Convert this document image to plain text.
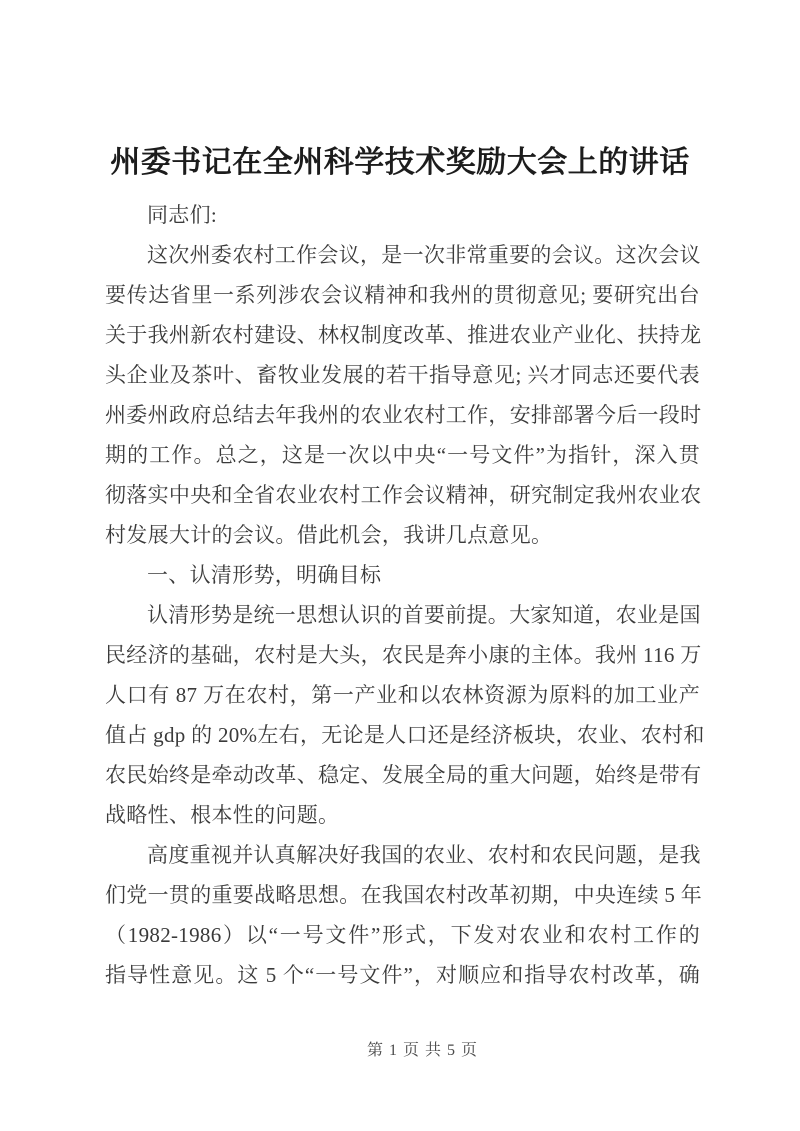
州委书记在全州科学技术奖励大会上的讲话
同志们:
这次州委农村工作会议，是一次非常重要的会议。这次会议
要传达省里一系列涉农会议精神和我州的贯彻意见; 要研究出台
关于我州新农村建设、林权制度改革、推进农业产业化、扶持龙
头企业及茶叶、畜牧业发展的若干指导意见; 兴才同志还要代表
州委州政府总结去年我州的农业农村工作，安排部署今后一段时
期的工作。总之，这是一次以中央“一号文件”为指针，深入贯
彻落实中央和全省农业农村工作会议精神，研究制定我州农业农
村发展大计的会议。借此机会，我讲几点意见。
一、认清形势，明确目标
认清形势是统一思想认识的首要前提。大家知道，农业是国
民经济的基础，农村是大头，农民是奔小康的主体。我州 116 万
人口有 87 万在农村，第一产业和以农林资源为原料的加工业产
值占 gdp 的 20%左右，无论是人口还是经济板块，农业、农村和
农民始终是牵动改革、稳定、发展全局的重大问题，始终是带有
战略性、根本性的问题。
高度重视并认真解决好我国的农业、农村和农民问题，是我
们党一贯的重要战略思想。在我国农村改革初期，中央连续 5 年
（1982-1986）以“一号文件”形式，下发对农业和农村工作的
指导性意见。这 5 个“一号文件”，对顺应和指导农村改革，确
第 1 页 共 5 页
